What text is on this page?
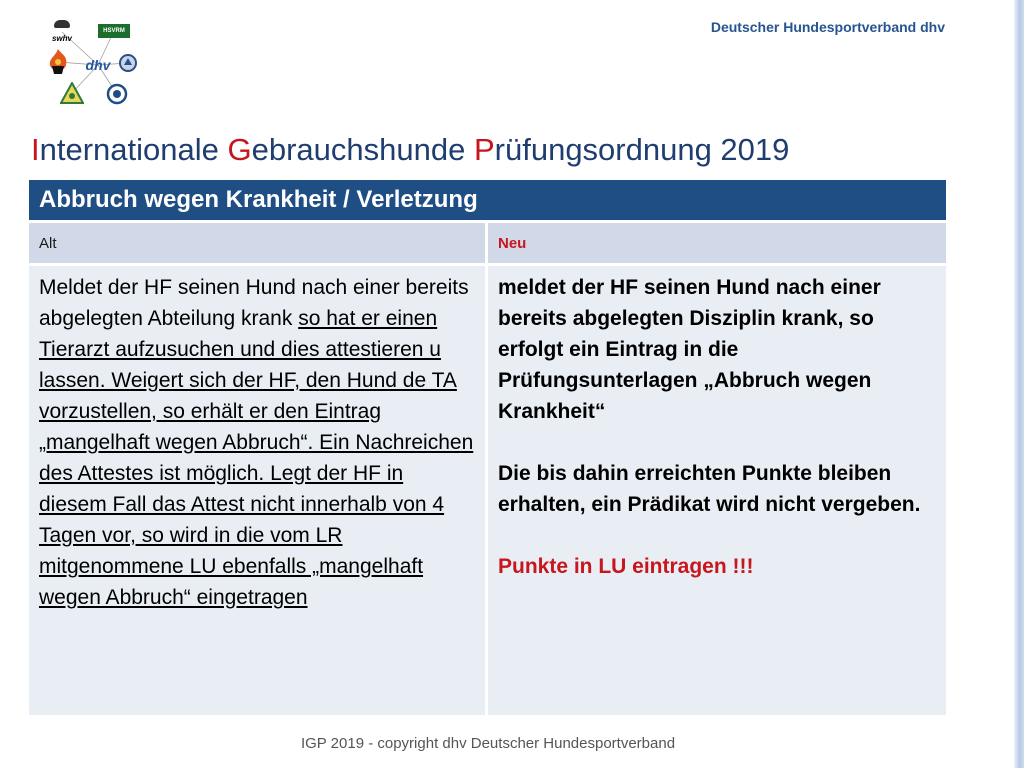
Deutscher Hundesportverband dhv
swhv
HSVRM
dhv
Internationale Gebrauchshunde Prüfungsordnung 2019
Abbruch wegen Krankheit / Verletzung
Alt	Neu
Meldet der HF seinen Hund nach einer bereits abgelegten Abteilung krank so hat er einen Tierarzt aufzusuchen und dies attestieren u lassen. Weigert sich der HF, den Hund de TA vorzustellen, so erhält er den Eintrag „mangelhaft wegen Abbruch“. Ein Nachreichen des Attestes ist möglich. Legt der HF in diesem Fall das Attest nicht innerhalb von 4 Tagen vor, so wird in die vom LR mitgenommene LU ebenfalls „mangelhaft wegen Abbruch“ eingetragen
meldet der HF seinen Hund nach einer bereits abgelegten Disziplin krank, so erfolgt ein Eintrag in die Prüfungsunterlagen „Abbruch wegen Krankheit“
Die bis dahin erreichten Punkte bleiben erhalten, ein Prädikat wird nicht vergeben.
Punkte in LU eintragen !!!
IGP 2019 - copyright dhv Deutscher Hundesportverband
